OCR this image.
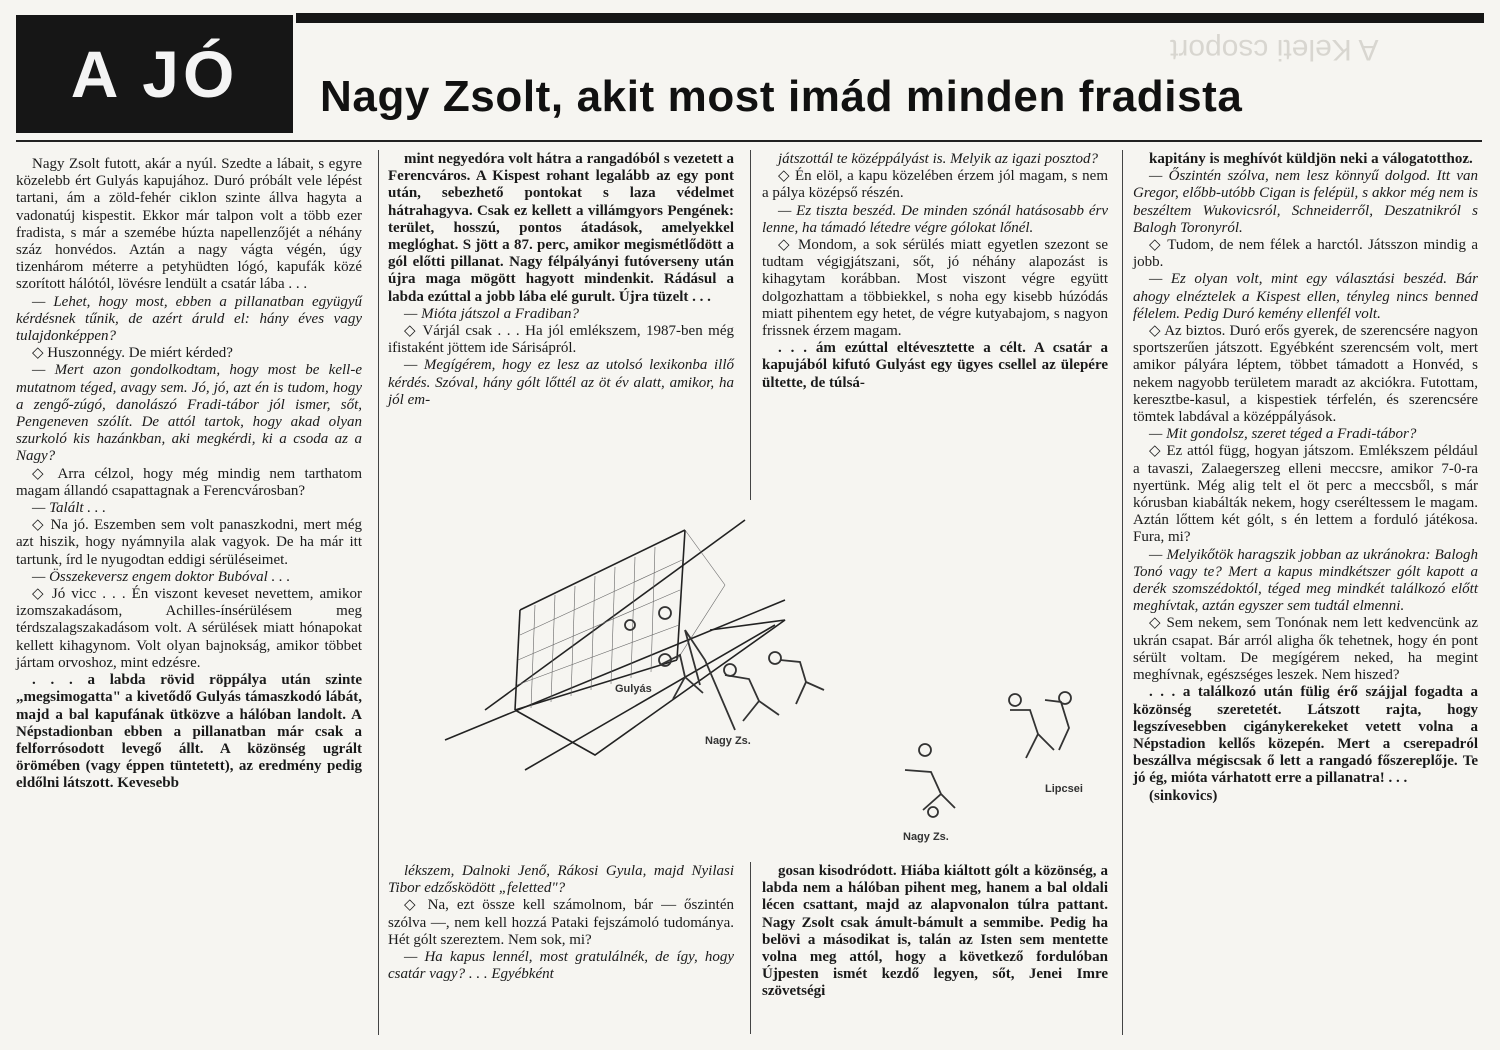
A JÓ	A Keleti csoport
Nagy Zsolt, akit most imád minden fradista

Nagy Zsolt futott, akár a nyúl. Szedte a lábait, s egyre közelebb ért Gulyás kapujához. Duró próbált vele lépést tartani, ám a zöld-fehér ciklon szinte állva hagyta a vadonatúj kispestit. Ekkor már talpon volt a több ezer fradista, s már a szemébe húzta napellenzőjét a néhány száz honvédos. Aztán a nagy vágta végén, úgy tizenhárom méterre a petyhüdten lógó, kapufák közé szorított hálótól, lövésre lendült a csatár lába . . .

— Lehet, hogy most, ebben a pillanatban együgyű kérdésnek tűnik, de azért áruld el: hány éves vagy tulajdonképpen?

◇ Huszonnégy. De miért kérded?

— Mert azon gondolkodtam, hogy most be kell-e mutatnom téged, avagy sem. Jó, jó, azt én is tudom, hogy a zengő-zúgó, danolászó Fradi-tábor jól ismer, sőt, Pengeneven szólít. De attól tartok, hogy akad olyan szurkoló kis hazánkban, aki megkérdi, ki a csoda az a Nagy?

◇ Arra célzol, hogy még mindig nem tarthatom magam állandó csapattagnak a Ferencvárosban?

— Talált . . .

◇ Na jó. Eszemben sem volt panaszkodni, mert még azt hiszik, hogy nyámnyila alak vagyok. De ha már itt tartunk, írd le nyugodtan eddigi sérüléseimet.

— Összekeversz engem doktor Bubóval . . .

◇ Jó vicc . . . Én viszont keveset nevettem, amikor izomszakadásom, Achilles-ínsérülésem meg térdszalagszakadásom volt. A sérülések miatt hónapokat kellett kihagynom. Volt olyan bajnokság, amikor többet jártam orvoshoz, mint edzésre.

. . . a labda rövid röppálya után szinte „megsimogatta" a kivetődő Gulyás támaszkodó lábát, majd a bal kapufának ütközve a hálóban landolt. A Népstadionban ebben a pillanatban már csak a felforrósodott levegő állt. A közönség ugrált örömében (vagy éppen tüntetett), az eredmény pedig eldőlni látszott. Kevesebb

mint negyedóra volt hátra a rangadóból s vezetett a Ferencváros. A Kispest rohant legalább az egy pont után, sebezhető pontokat s laza védelmet hátrahagyva. Csak ez kellett a villámgyors Pengének: terület, hosszú, pontos átadások, amelyekkel meglóghat. S jött a 87. perc, amikor megismétlődött a gól előtti pillanat. Nagy félpályányi futóverseny után újra maga mögött hagyott mindenkit. Rádásul a labda ezúttal a jobb lába elé gurult. Újra tüzelt . . .

— Mióta játszol a Fradiban?

◇ Várjál csak . . . Ha jól emlékszem, 1987-ben még ifistaként jöttem ide Sárisápról.

— Megígérem, hogy ez lesz az utolsó lexikonba illő kérdés. Szóval, hány gólt lőttél az öt év alatt, amikor, ha jól em-

játszottál te középpályást is. Melyik az igazi posztod?

◇ Én elöl, a kapu közelében érzem jól magam, s nem a pálya középső részén.

— Ez tiszta beszéd. De minden szónál hatásosabb érv lenne, ha támadó létedre végre gólokat lőnél.

◇ Mondom, a sok sérülés miatt egyetlen szezont se tudtam végigjátszani, sőt, jó néhány alapozást is kihagytam korábban. Most viszont végre együtt dolgozhattam a többiekkel, s noha egy kisebb húzódás miatt pihentem egy hetet, de végre kutyabajom, s nagyon frissnek érzem magam.

. . . ám ezúttal eltévesztette a célt. A csatár a kapujából kifutó Gulyást egy ügyes csellel az ülepére ültette, de túlsá-

kapitány is meghívót küldjön neki a válogatotthoz.

— Őszintén szólva, nem lesz könnyű dolgod. Itt van Gregor, előbb-utóbb Cigan is felépül, s akkor még nem is beszéltem Wukovicsról, Schneiderről, Deszatnikról s Balogh Toronyról.

◇ Tudom, de nem félek a harctól. Játsszon mindig a jobb.

— Ez olyan volt, mint egy választási beszéd. Bár ahogy elnéztelek a Kispest ellen, tényleg nincs benned félelem. Pedig Duró kemény ellenfél volt.

◇ Az biztos. Duró erős gyerek, de szerencsére nagyon sportszerűen játszott. Egyébként szerencsém volt, mert amikor pályára léptem, többet támadott a Honvéd, s nekem nagyobb területem maradt az akciókra. Futottam, keresztbe-kasul, a kispestiek térfelén, és szerencsére tömtek labdával a középpályások.

— Mit gondolsz, szeret téged a Fradi-tábor?

◇ Ez attól függ, hogyan játszom. Emlékszem például a tavaszi, Zalaegerszeg elleni meccsre, amikor 7-0-ra nyertünk. Még alig telt el öt perc a meccsből, s már kórusban kiabálták nekem, hogy cseréltessem le magam. Aztán lőttem két gólt, s én lettem a forduló játékosa. Fura, mi?

— Melyikőtök haragszik jobban az ukránokra: Balogh Tonó vagy te? Mert a kapus mindkétszer gólt kapott a derék szomszédoktól, téged meg mindkét találkozó előtt meghívtak, aztán egyszer sem tudtál elmenni.

◇ Sem nekem, sem Tonónak nem lett kedvencünk az ukrán csapat. Bár arról aligha ők tehetnek, hogy én pont sérült voltam. De megígérem neked, ha megint meghívnak, egészséges leszek. Nem hiszed?

. . . a találkozó után fülig érő szájjal fogadta a közönség szeretetét. Látszott rajta, hogy legszívesebben cigánykerekeket vetett volna a Népstadion kellős közepén. Mert a cserepadról beszállva mégiscsak ő lett a rangadó főszereplője. Te jó ég, mióta várhatott erre a pillanatra! . . .

(sinkovics)

lékszem, Dalnoki Jenő, Rákosi Gyula, majd Nyilasi Tibor edzősködött „feletted"?

◇ Na, ezt össze kell számolnom, bár — őszintén szólva —, nem kell hozzá Pataki fejszámoló tudománya. Hét gólt szereztem. Nem sok, mi?

— Ha kapus lennél, most gratulálnék, de így, hogy csatár vagy? . . . Egyébként

gosan kisodródott. Hiába kiáltott gólt a közönség, a labda nem a hálóban pihent meg, hanem a bal oldali lécen csattant, majd az alapvonalon túlra pattant. Nagy Zsolt csak ámult-bámult a semmibe. Pedig ha belövi a másodikat is, talán az Isten sem mentette volna meg attól, hogy a következő fordulóban Újpesten ismét kezdő legyen, sőt, Jenei Imre szövetségi

Gulyás
Nagy Zs.
Lipcsei
Nagy Zs.
